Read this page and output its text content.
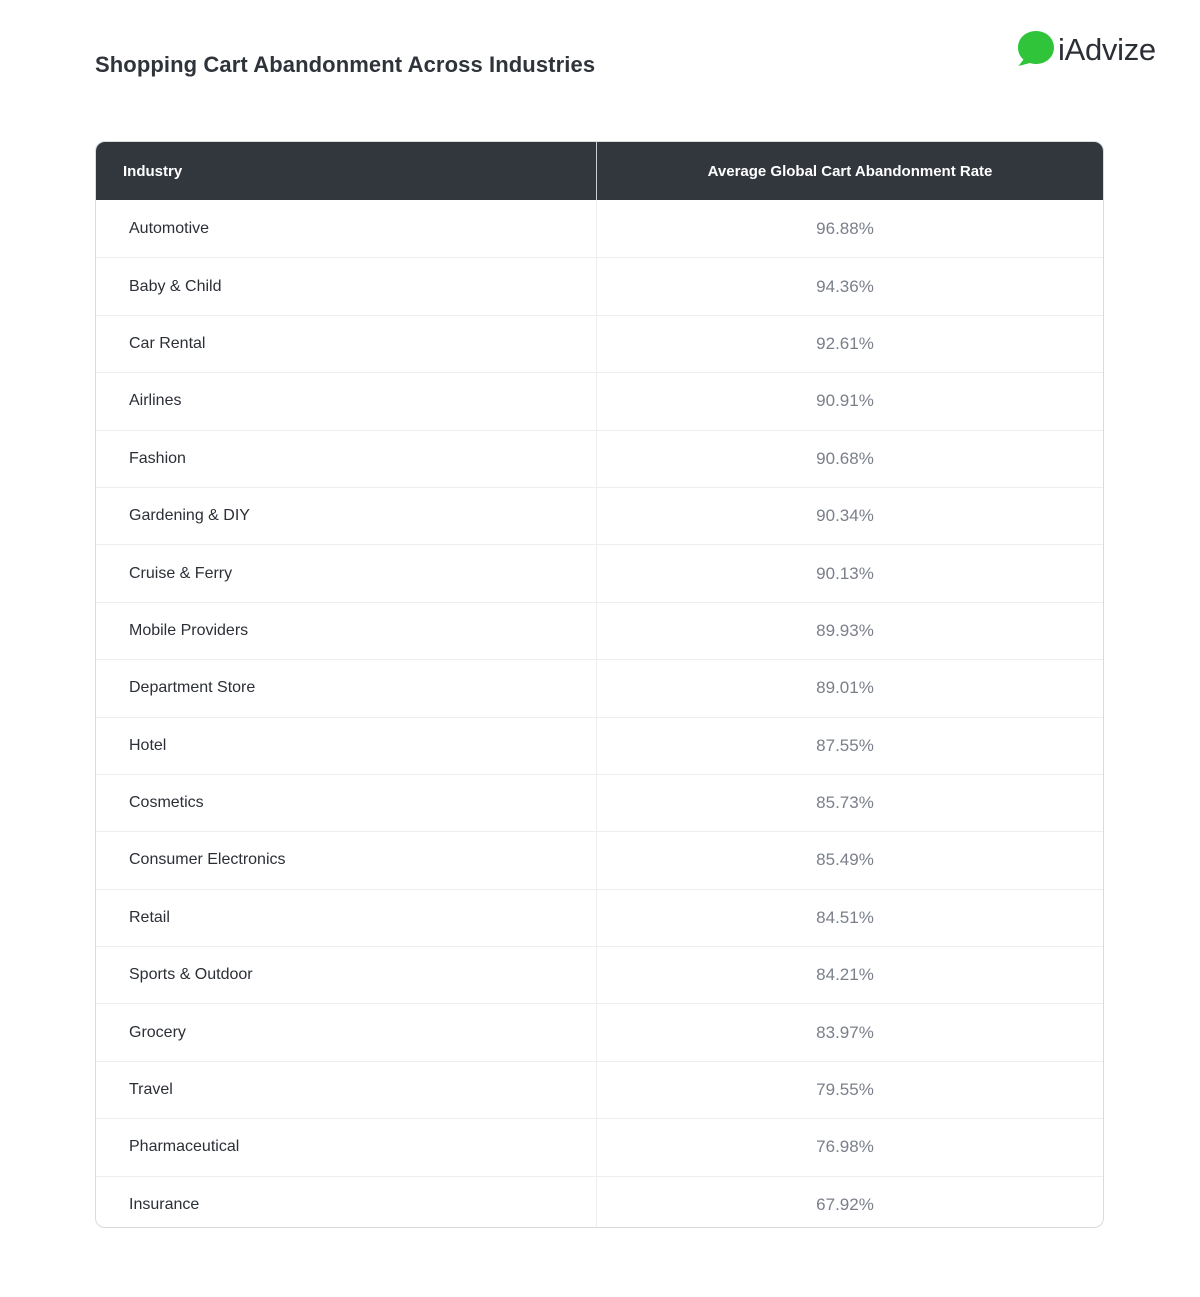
Shopping Cart Abandonment Across Industries	iAdvize
Industry	Average Global Cart Abandonment Rate
Automotive	96.88%
Baby & Child	94.36%
Car Rental	92.61%
Airlines	90.91%
Fashion	90.68%
Gardening & DIY	90.34%
Cruise & Ferry	90.13%
Mobile Providers	89.93%
Department Store	89.01%
Hotel	87.55%
Cosmetics	85.73%
Consumer Electronics	85.49%
Retail	84.51%
Sports & Outdoor	84.21%
Grocery	83.97%
Travel	79.55%
Pharmaceutical	76.98%
Insurance	67.92%
